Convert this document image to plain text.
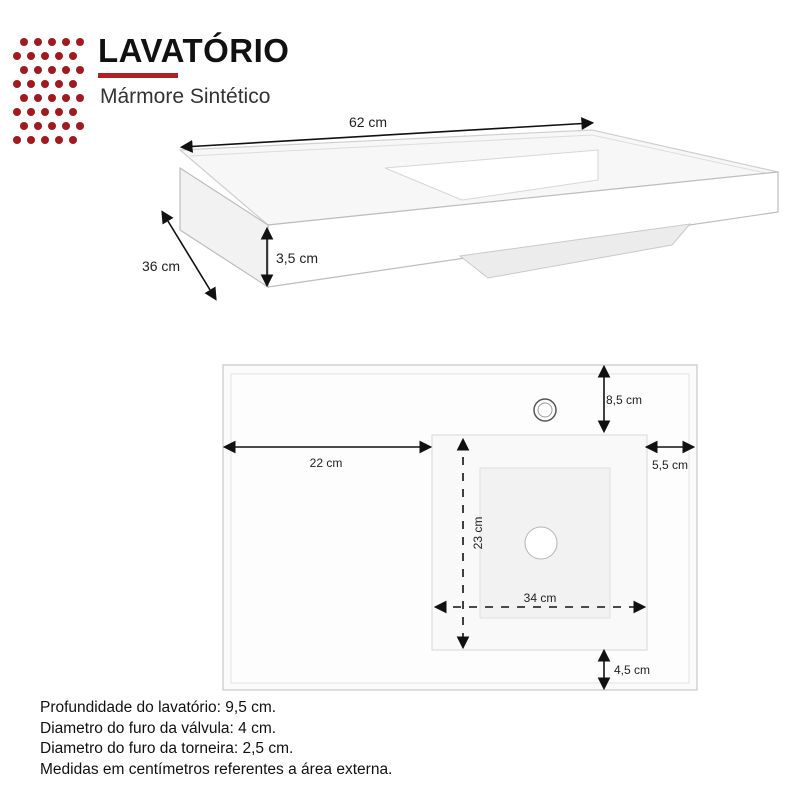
LAVATÓRIO
Mármore Sintético
62 cm
36 cm	3,5 cm
22 cm
8,5 cm
5,5 cm
23 cm
34 cm
4,5 cm
Profundidade do lavatório: 9,5 cm.
Diametro do furo da válvula: 4 cm.
Diametro do furo da torneira: 2,5 cm.
Medidas em centímetros referentes a área externa.
